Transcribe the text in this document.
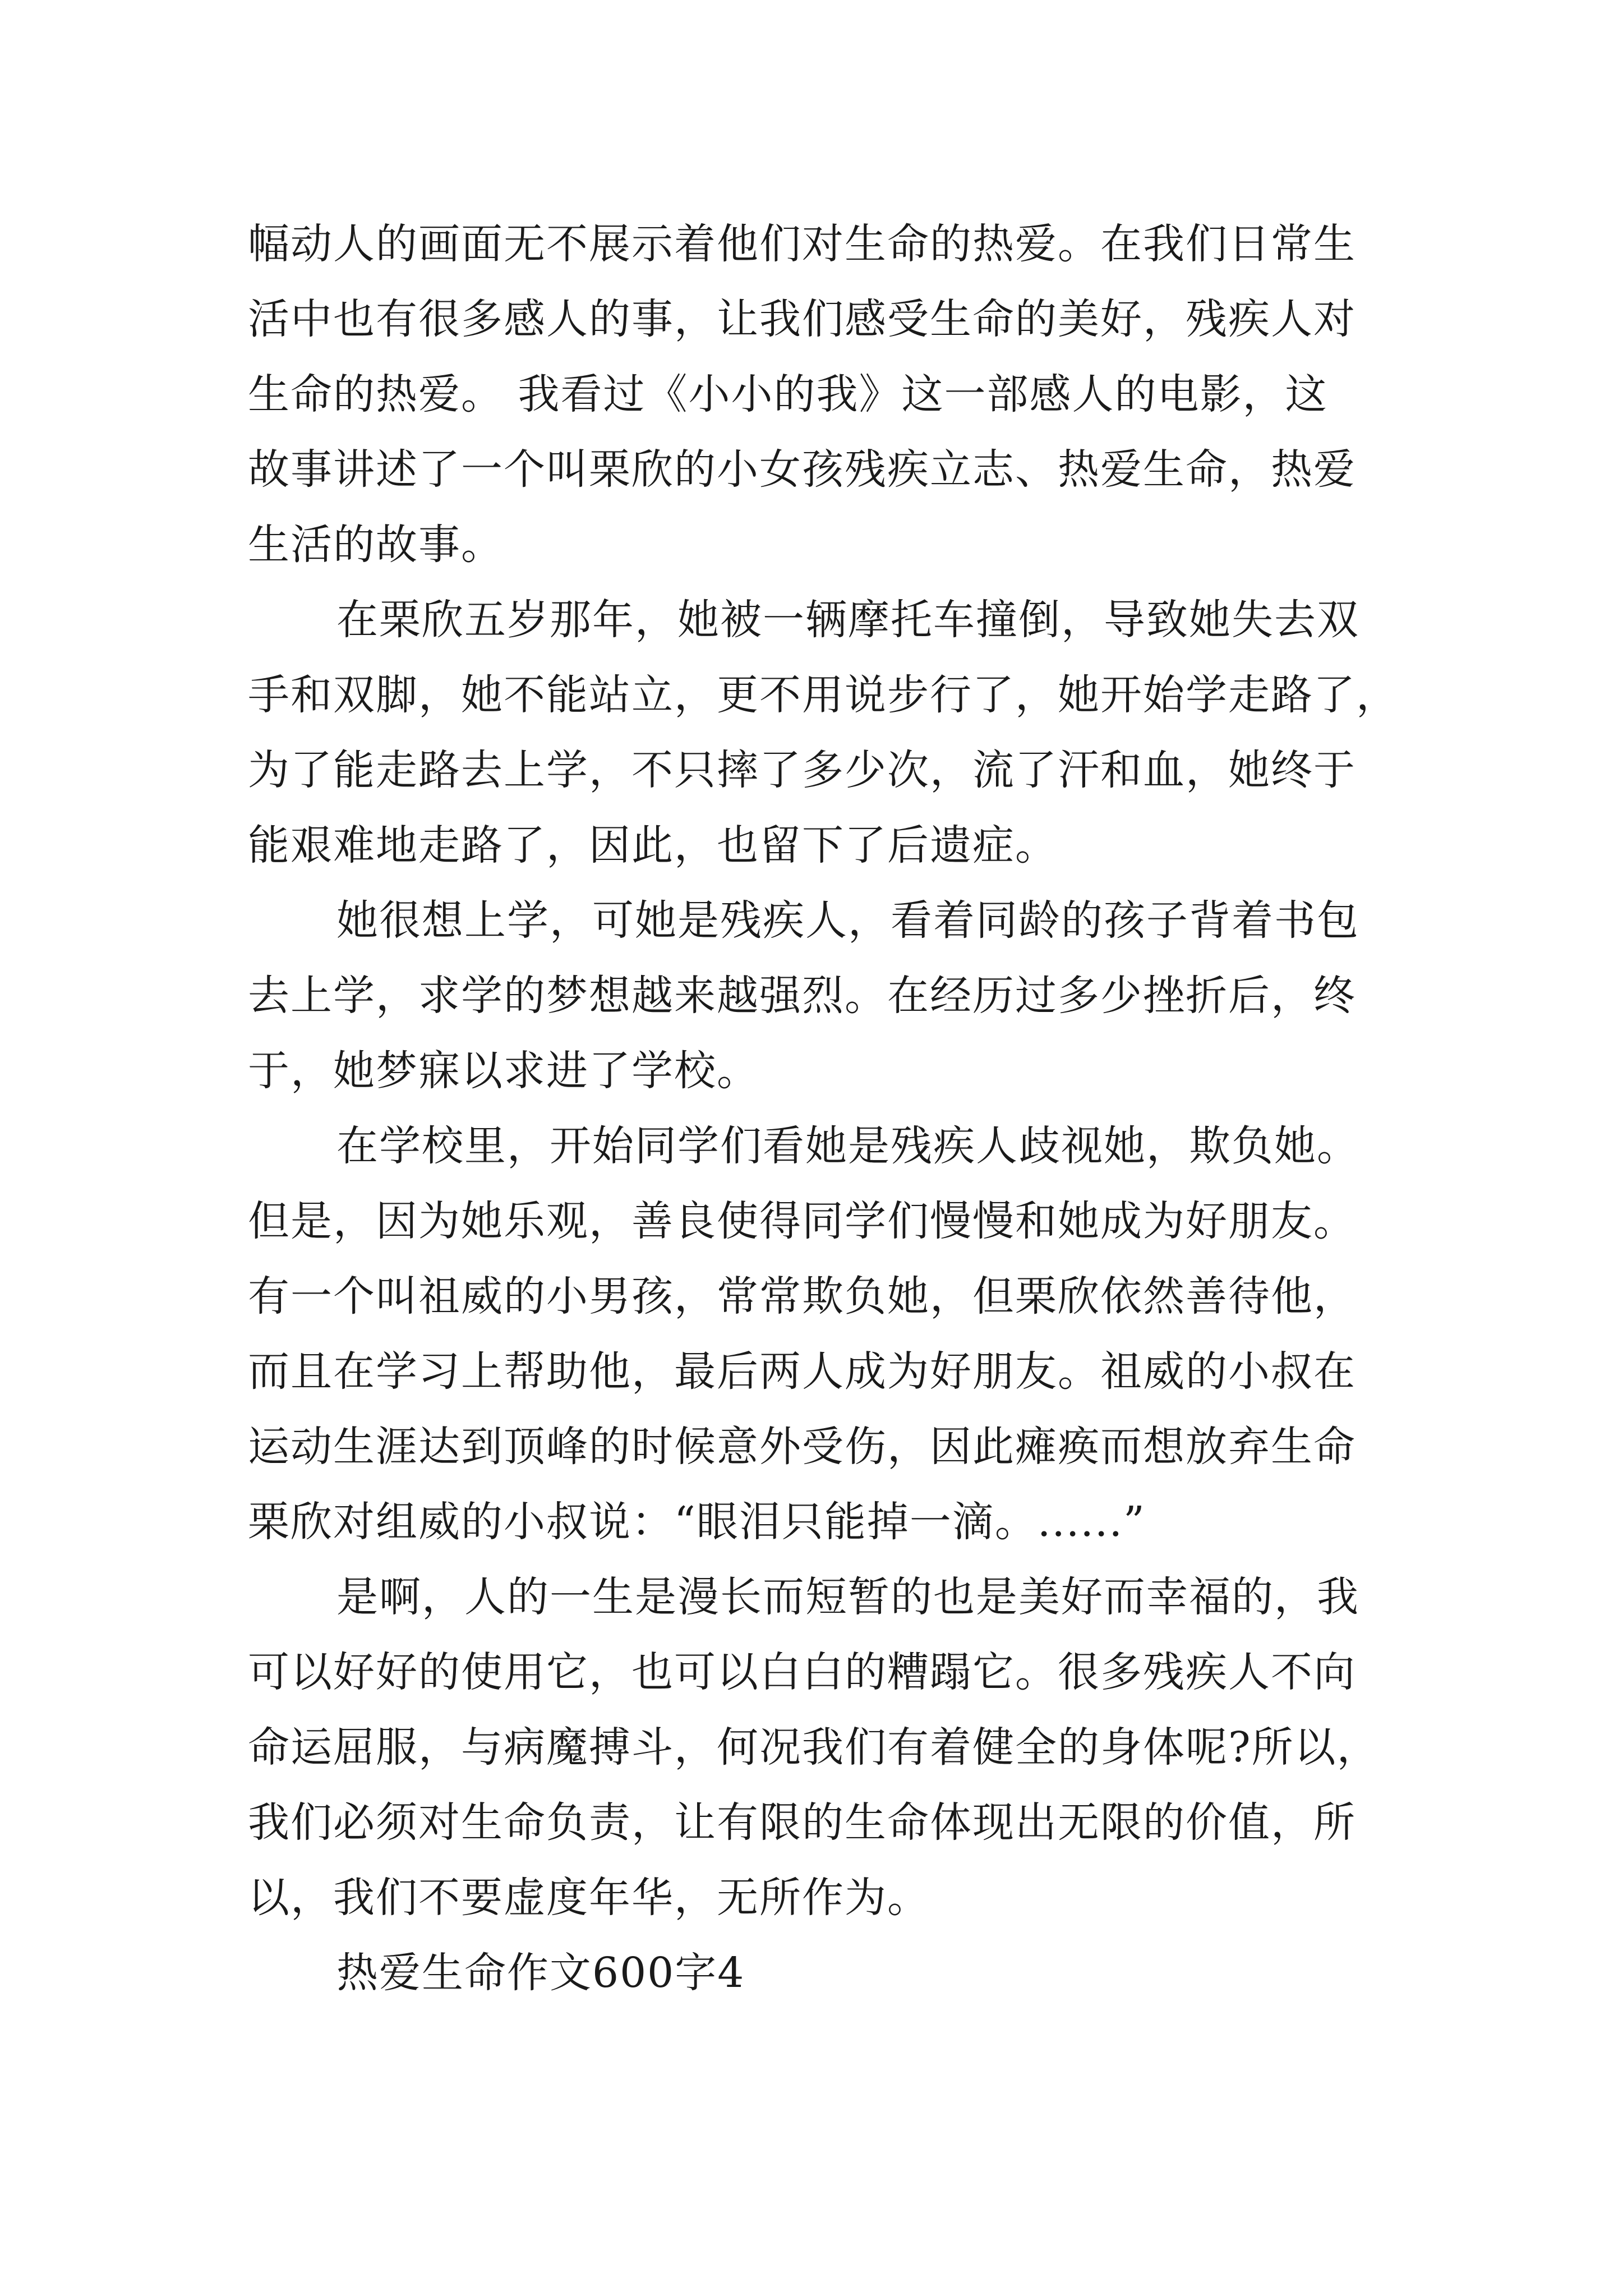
幅动人的画面无不展示着他们对生命的热爱。在我们日常生
活中也有很多感人的事，让我们感受生命的美好，残疾人对
生命的热爱。 我看过《小小的我》这一部感人的电影，这
故事讲述了一个叫栗欣的小女孩残疾立志、热爱生命，热爱
生活的故事。
在栗欣五岁那年，她被一辆摩托车撞倒，导致她失去双
手和双脚，她不能站立，更不用说步行了，她开始学走路了，
为了能走路去上学，不只摔了多少次，流了汗和血，她终于
能艰难地走路了，因此，也留下了后遗症。
她很想上学，可她是残疾人，看着同龄的孩子背着书包
去上学，求学的梦想越来越强烈。在经历过多少挫折后，终
于，她梦寐以求进了学校。
在学校里，开始同学们看她是残疾人歧视她，欺负她。
但是，因为她乐观，善良使得同学们慢慢和她成为好朋友。
有一个叫祖威的小男孩，常常欺负她，但栗欣依然善待他，
而且在学习上帮助他，最后两人成为好朋友。祖威的小叔在
运动生涯达到顶峰的时候意外受伤，因此瘫痪而想放弃生命
栗欣对组威的小叔说：“眼泪只能掉一滴。......”
是啊，人的一生是漫长而短暂的也是美好而幸福的，我
可以好好的使用它，也可以白白的糟蹋它。很多残疾人不向
命运屈服，与病魔搏斗，何况我们有着健全的身体呢?所以，
我们必须对生命负责，让有限的生命体现出无限的价值，所
以，我们不要虚度年华，无所作为。
热爱生命作文600字4
